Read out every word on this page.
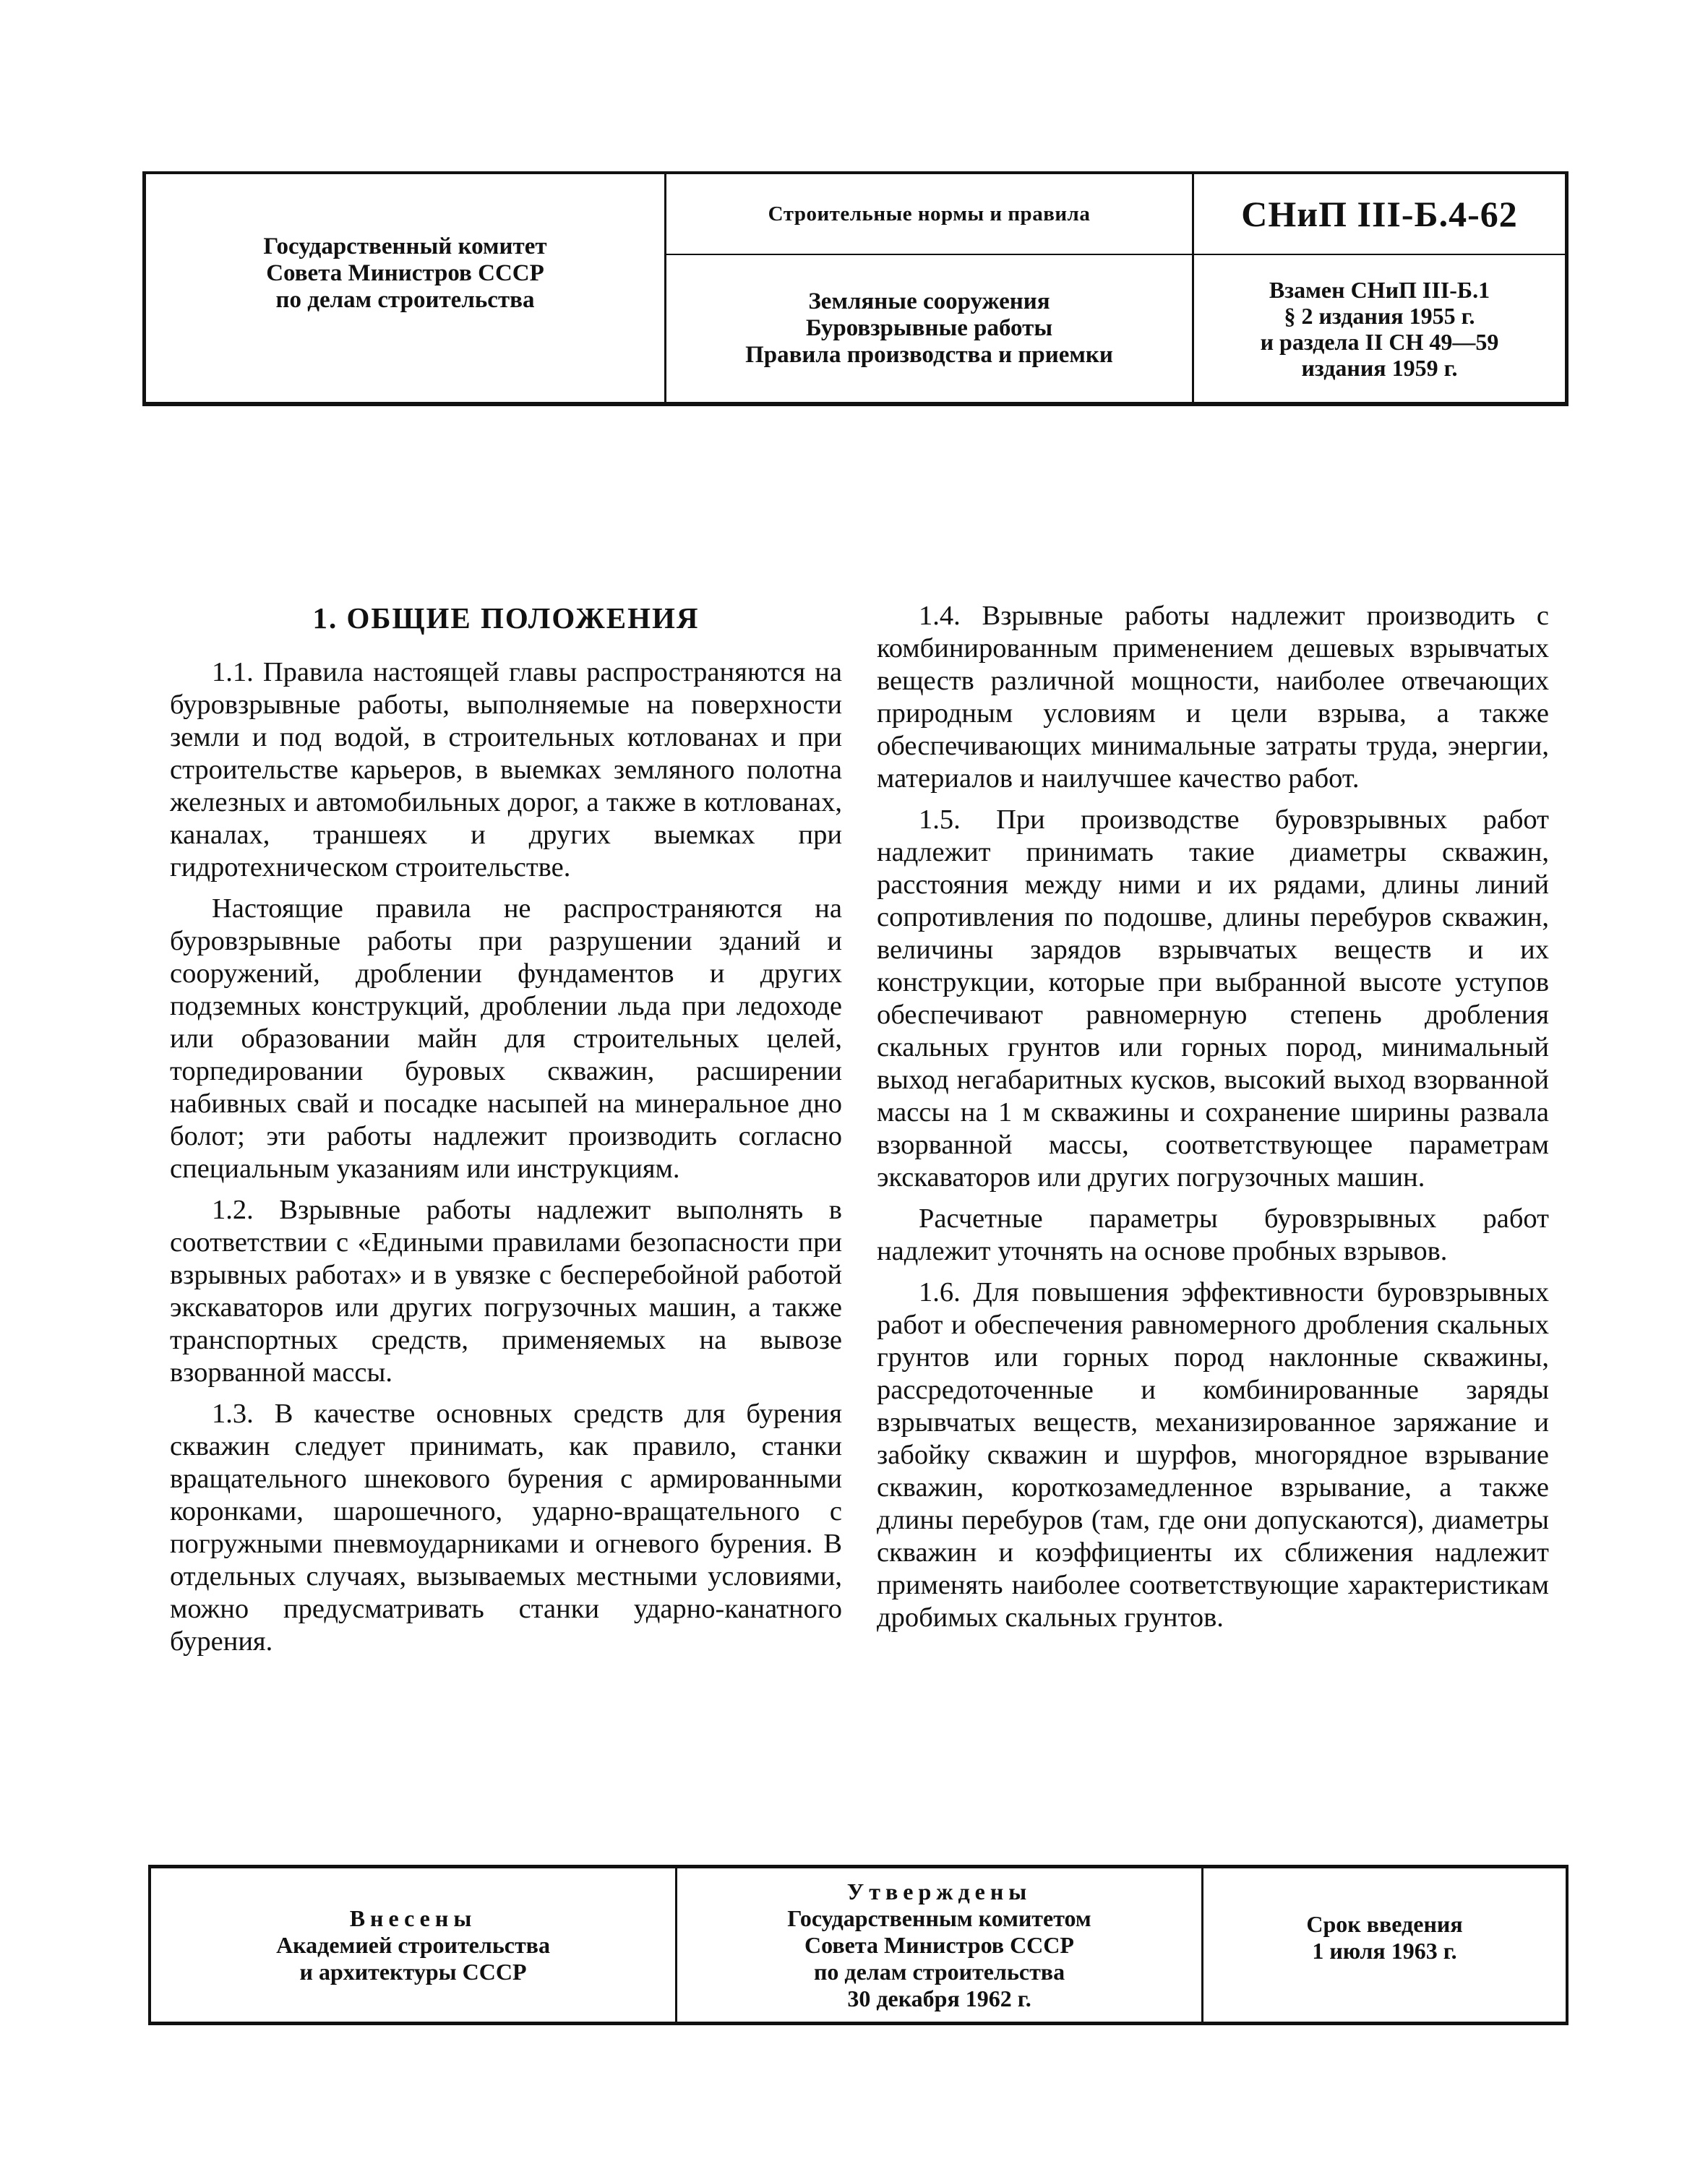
Государственный комитет
Совета Министров СССР
по делам строительства
Строительные нормы и правила
Земляные сооружения
Буровзрывные работы
Правила производства и приемки
СНиП III-Б.4-62
Взамен СНиП III-Б.1
§ 2 издания 1955 г.
и раздела II СН 49—59
издания 1959 г.
1. ОБЩИЕ ПОЛОЖЕНИЯ

1.1. Правила настоящей главы распространяются на буровзрывные работы, выполняемые на поверхности земли и под водой, в строительных котлованах и при строительстве карьеров, в выемках земляного полотна железных и автомобильных дорог, а также в котлованах, каналах, траншеях и других выемках при гидротехническом строительстве.

Настоящие правила не распространяются на буровзрывные работы при разрушении зданий и сооружений, дроблении фундаментов и других подземных конструкций, дроблении льда при ледоходе или образовании майн для строительных целей, торпедировании буровых скважин, расширении набивных свай и посадке насыпей на минеральное дно болот; эти работы надлежит производить согласно специальным указаниям или инструкциям.

1.2. Взрывные работы надлежит выполнять в соответствии с «Едиными правилами безопасности при взрывных работах» и в увязке с бесперебойной работой экскаваторов или других погрузочных машин, а также транспортных средств, применяемых на вывозе взорванной массы.

1.3. В качестве основных средств для бурения скважин следует принимать, как правило, станки вращательного шнекового бурения с армированными коронками, шарошечного, ударно-вращательного с погружными пневмоударниками и огневого бурения. В отдельных случаях, вызываемых местными условиями, можно предусматривать станки ударно-канатного бурения.

1.4. Взрывные работы надлежит производить с комбинированным применением дешевых взрывчатых веществ различной мощности, наиболее отвечающих природным условиям и цели взрыва, а также обеспечивающих минимальные затраты труда, энергии, материалов и наилучшее качество работ.

1.5. При производстве буровзрывных работ надлежит принимать такие диаметры скважин, расстояния между ними и их рядами, длины линий сопротивления по подошве, длины перебуров скважин, величины зарядов взрывчатых веществ и их конструкции, которые при выбранной высоте уступов обеспечивают равномерную степень дробления скальных грунтов или горных пород, минимальный выход негабаритных кусков, высокий выход взорванной массы на 1 м скважины и сохранение ширины развала взорванной массы, соответствующее параметрам экскаваторов или других погрузочных машин.

Расчетные параметры буровзрывных работ надлежит уточнять на основе пробных взрывов.

1.6. Для повышения эффективности буровзрывных работ и обеспечения равномерного дробления скальных грунтов или горных пород наклонные скважины, рассредоточенные и комбинированные заряды взрывчатых веществ, механизированное заряжание и забойку скважин и шурфов, многорядное взрывание скважин, короткозамедленное взрывание, а также длины перебуров (там, где они допускаются), диаметры скважин и коэффициенты их сближения надлежит применять наиболее соответствующие характеристикам дробимых скальных грунтов.

Внесены
Академией строительства
и архитектуры СССР
Утверждены
Государственным комитетом
Совета Министров СССР
по делам строительства
30 декабря 1962 г.
Срок введения
1 июля 1963 г.
